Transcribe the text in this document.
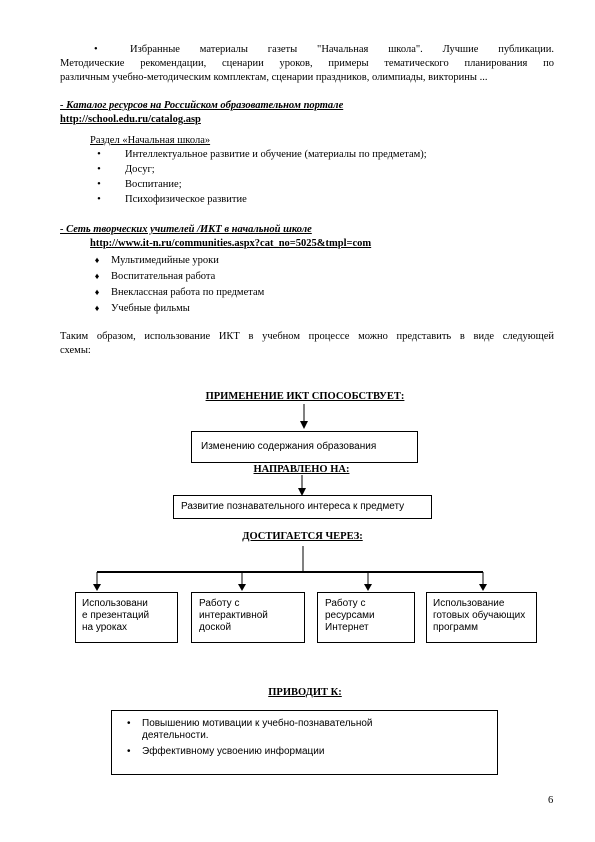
•	Избранные материалы газеты "Начальная школа". Лучшие публикации.
Методические рекомендации, сценарии уроков, примеры тематического планирования по
различным учебно-методическим комплектам, сценарии праздников, олимпиады, викторины ...
- Каталог ресурсов на Российском образовательном портале
http://school.edu.ru/catalog.asp
Раздел «Начальная школа»
•	Интеллектуальное развитие и обучение (материалы по предметам);
•	Досуг;
•	Воспитание;
•	Психофизическое развитие
- Сеть творческих учителей /ИКТ в начальной школе
http://www.it-n.ru/communities.aspx?cat_no=5025&tmpl=com
♦ Мультимедийные уроки
♦ Воспитательная работа
♦ Внеклассная работа по предметам
♦ Учебные фильмы
Таким образом, использование ИКТ в учебном процессе можно представить в виде следующей
схемы:
ПРИМЕНЕНИЕ ИКТ СПОСОБСТВУЕТ:
Изменению содержания образования
НАПРАВЛЕНО НА:
Развитие познавательного интереса к предмету
ДОСТИГАЕТСЯ ЧЕРЕЗ:
Использовани
е презентаций
на уроках
Работу с
интерактивной
доской
Работу с
ресурсами
Интернет
Использование
готовых обучающих
программ
ПРИВОДИТ К:
• Повышению мотивации к учебно-познавательной деятельности.
• Эффективному усвоению информации
6
